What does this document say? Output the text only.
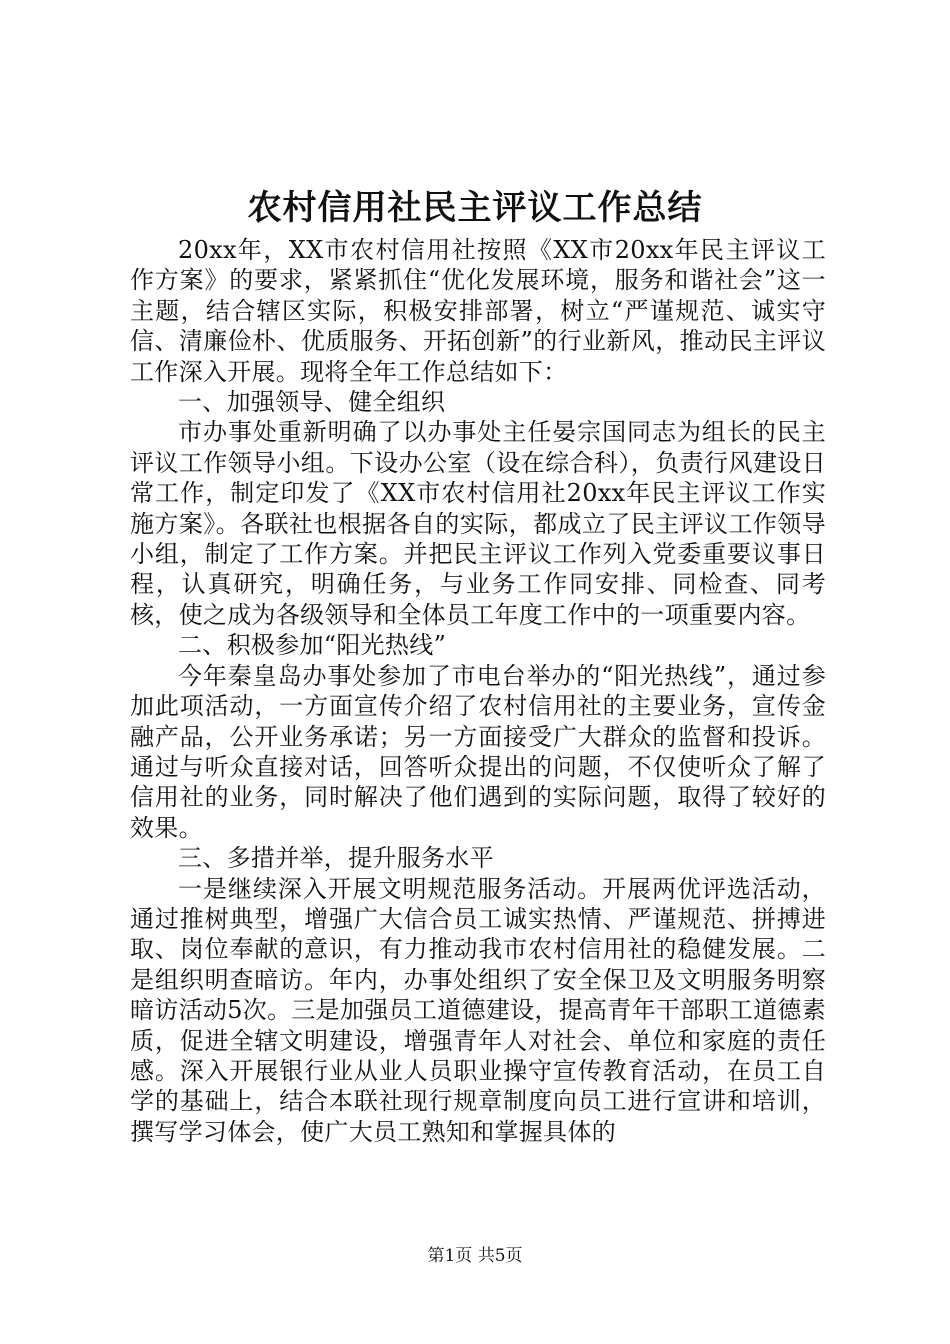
农村信用社民主评议工作总结

20xx年，XX市农村信用社按照《XX市20xx年民主评议工作方案》的要求，紧紧抓住“优化发展环境，服务和谐社会”这一主题，结合辖区实际，积极安排部署，树立“严谨规范、诚实守信、清廉俭朴、优质服务、开拓创新”的行业新风，推动民主评议工作深入开展。现将全年工作总结如下：

一、加强领导、健全组织

市办事处重新明确了以办事处主任晏宗国同志为组长的民主评议工作领导小组。下设办公室（设在综合科），负责行风建设日常工作，制定印发了《XX市农村信用社20xx年民主评议工作实施方案》。各联社也根据各自的实际，都成立了民主评议工作领导小组，制定了工作方案。并把民主评议工作列入党委重要议事日程，认真研究，明确任务，与业务工作同安排、同检查、同考核，使之成为各级领导和全体员工年度工作中的一项重要内容。

二、积极参加“阳光热线”

今年秦皇岛办事处参加了市电台举办的“阳光热线”，通过参加此项活动，一方面宣传介绍了农村信用社的主要业务，宣传金融产品，公开业务承诺；另一方面接受广大群众的监督和投诉。通过与听众直接对话，回答听众提出的问题，不仅使听众了解了信用社的业务，同时解决了他们遇到的实际问题，取得了较好的效果。

三、多措并举，提升服务水平

一是继续深入开展文明规范服务活动。开展两优评选活动，通过推树典型，增强广大信合员工诚实热情、严谨规范、拼搏进取、岗位奉献的意识，有力推动我市农村信用社的稳健发展。二是组织明查暗访。年内，办事处组织了安全保卫及文明服务明察暗访活动5次。三是加强员工道德建设，提高青年干部职工道德素质，促进全辖文明建设，增强青年人对社会、单位和家庭的责任感。深入开展银行业从业人员职业操守宣传教育活动，在员工自学的基础上，结合本联社现行规章制度向员工进行宣讲和培训，撰写学习体会，使广大员工熟知和掌握具体的

第1页 共5页
